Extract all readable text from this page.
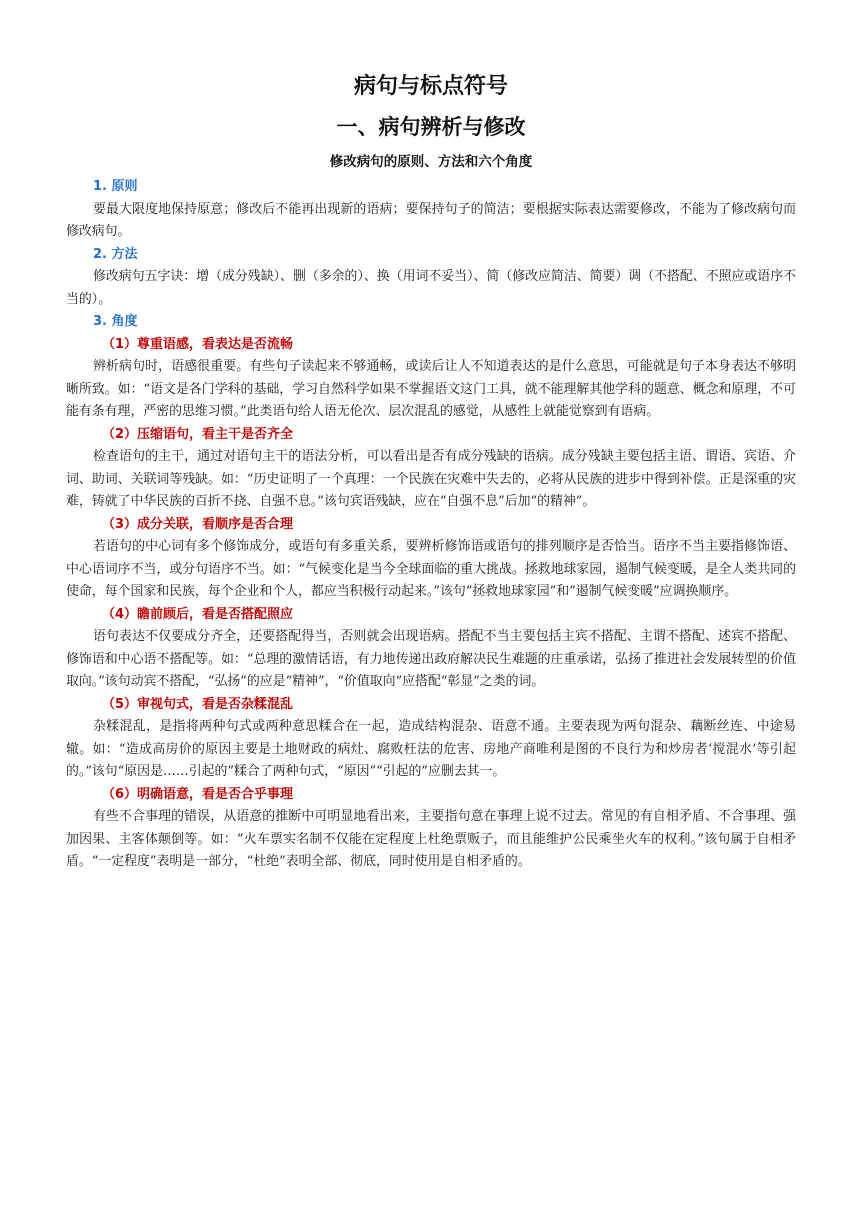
病句与标点符号
一、病句辨析与修改

修改病句的原则、方法和六个角度

1. 原则

要最大限度地保持原意；修改后不能再出现新的语病；要保持句子的简洁；要根据实际表达需要修改，不能为了修改病句而修改病句。

2. 方法

修改病句五字诀：增（成分残缺）、删（多余的）、换（用词不妥当）、简（修改应简洁、简要）调（不搭配、不照应或语序不当的）。

3. 角度

（1）尊重语感，看表达是否流畅

辨析病句时，语感很重要。有些句子读起来不够通畅，或读后让人不知道表达的是什么意思，可能就是句子本身表达不够明晰所致。如：“语文是各门学科的基础，学习自然科学如果不掌握语文这门工具，就不能理解其他学科的题意、概念和原理，不可能有条有理，严密的思维习惯。”此类语句给人语无伦次、层次混乱的感觉，从感性上就能觉察到有语病。

（2）压缩语句，看主干是否齐全

检查语句的主干，通过对语句主干的语法分析，可以看出是否有成分残缺的语病。成分残缺主要包括主语、谓语、宾语、介词、助词、关联词等残缺。如：“历史证明了一个真理：一个民族在灾难中失去的，必将从民族的进步中得到补偿。正是深重的灾难，铸就了中华民族的百折不挠、自强不息。”该句宾语残缺，应在“自强不息”后加“的精神”。

（3）成分关联，看顺序是否合理

若语句的中心词有多个修饰成分，或语句有多重关系，要辨析修饰语或语句的排列顺序是否恰当。语序不当主要指修饰语、中心语词序不当，或分句语序不当。如：“气候变化是当今全球面临的重大挑战。拯救地球家园，遏制气候变暖，是全人类共同的使命，每个国家和民族，每个企业和个人，都应当积极行动起来。”该句“拯救地球家园”和“遏制气候变暖”应调换顺序。

（4）瞻前顾后，看是否搭配照应

语句表达不仅要成分齐全，还要搭配得当，否则就会出现语病。搭配不当主要包括主宾不搭配、主谓不搭配、述宾不搭配、修饰语和中心语不搭配等。如：“总理的激情话语，有力地传递出政府解决民生难题的庄重承诺，弘扬了推进社会发展转型的价值取向。”该句动宾不搭配，“弘扬”的应是“精神”，“价值取向”应搭配“彰显”之类的词。

（5）审视句式，看是否杂糅混乱

杂糅混乱，是指将两种句式或两种意思糅合在一起，造成结构混杂、语意不通。主要表现为两句混杂、藕断丝连、中途易辙。如：“造成高房价的原因主要是土地财政的病灶、腐败枉法的危害、房地产商唯利是图的不良行为和炒房者‘搅混水’等引起的。”该句“原因是……引起的”糅合了两种句式，“原因”“引起的”应删去其一。

（6）明确语意，看是否合乎事理

有些不合事理的错误，从语意的推断中可明显地看出来，主要指句意在事理上说不过去。常见的有自相矛盾、不合事理、强加因果、主客体颠倒等。如：“火车票实名制不仅能在定程度上杜绝票贩子，而且能维护公民乘坐火车的权利。”该句属于自相矛盾。“一定程度”表明是一部分，“杜绝”表明全部、彻底，同时使用是自相矛盾的。
